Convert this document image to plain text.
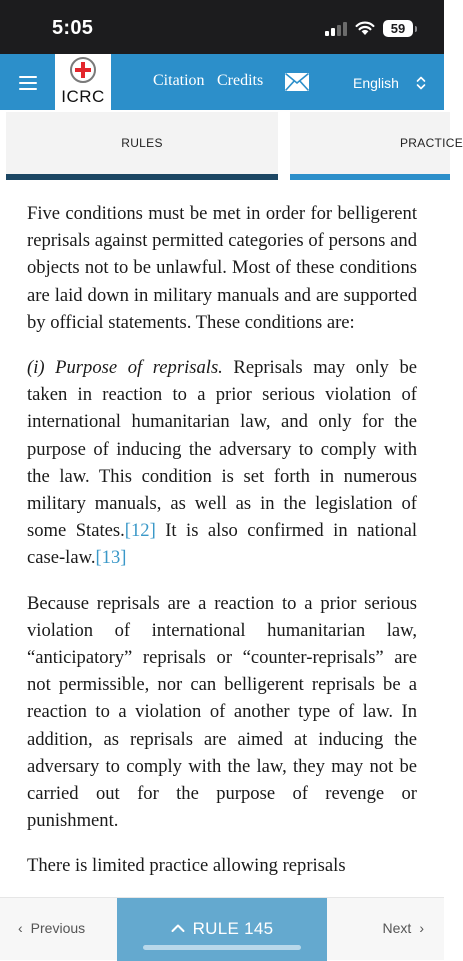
5:05	59
ICRC
Citation Credits	English
RULES	PRACTICE

Five conditions must be met in order for belligerent reprisals against permitted categories of persons and objects not to be unlawful. Most of these conditions are laid down in military manuals and are supported by official statements. These conditions are:

(i) Purpose of reprisals. Reprisals may only be taken in reaction to a prior serious violation of international humanitarian law, and only for the purpose of inducing the adversary to comply with the law. This condition is set forth in numerous military manuals, as well as in the legislation of some States.[12] It is also confirmed in national case-law.[13]

Because reprisals are a reaction to a prior serious violation of international humanitarian law, “anticipatory” reprisals or “counter-reprisals” are not permissible, nor can belligerent reprisals be a reaction to a violation of another type of law. In addition, as reprisals are aimed at inducing the adversary to comply with the law, they may not be carried out for the purpose of revenge or punishment.

There is limited practice allowing reprisals

‹ Previous	RULE 145	Next ›
